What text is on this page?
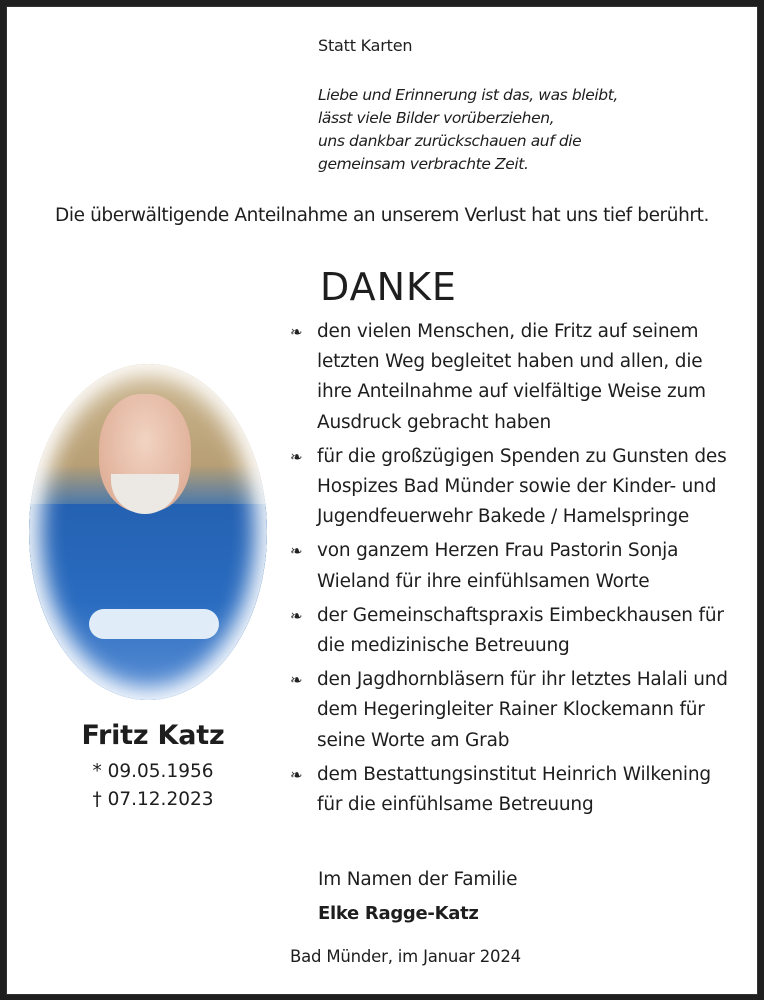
Statt Karten
Liebe und Erinnerung ist das, was bleibt,
lässt viele Bilder vorüberziehen,
uns dankbar zurückschauen auf die
gemeinsam verbrachte Zeit.
Die überwältigende Anteilnahme an unserem Verlust hat uns tief berührt.
DANKE
❧ den vielen Menschen, die Fritz auf seinem letzten Weg begleitet haben und allen, die ihre Anteilnahme auf vielfältige Weise zum Ausdruck gebracht haben
❧ für die großzügigen Spenden zu Gunsten des Hospizes Bad Münder sowie der Kinder- und Jugendfeuerwehr Bakede / Hamelspringe
❧ von ganzem Herzen Frau Pastorin Sonja Wieland für ihre einfühlsamen Worte
❧ der Gemeinschaftspraxis Eimbeckhausen für die medizinische Betreuung
❧ den Jagdhornbläsern für ihr letztes Halali und dem Hegeringleiter Rainer Klockemann für seine Worte am Grab
❧ dem Bestattungsinstitut Heinrich Wilkening für die einfühlsame Betreuung
Fritz Katz
* 09.05.1956
† 07.12.2023
Im Namen der Familie
Elke Ragge-Katz
Bad Münder, im Januar 2024
